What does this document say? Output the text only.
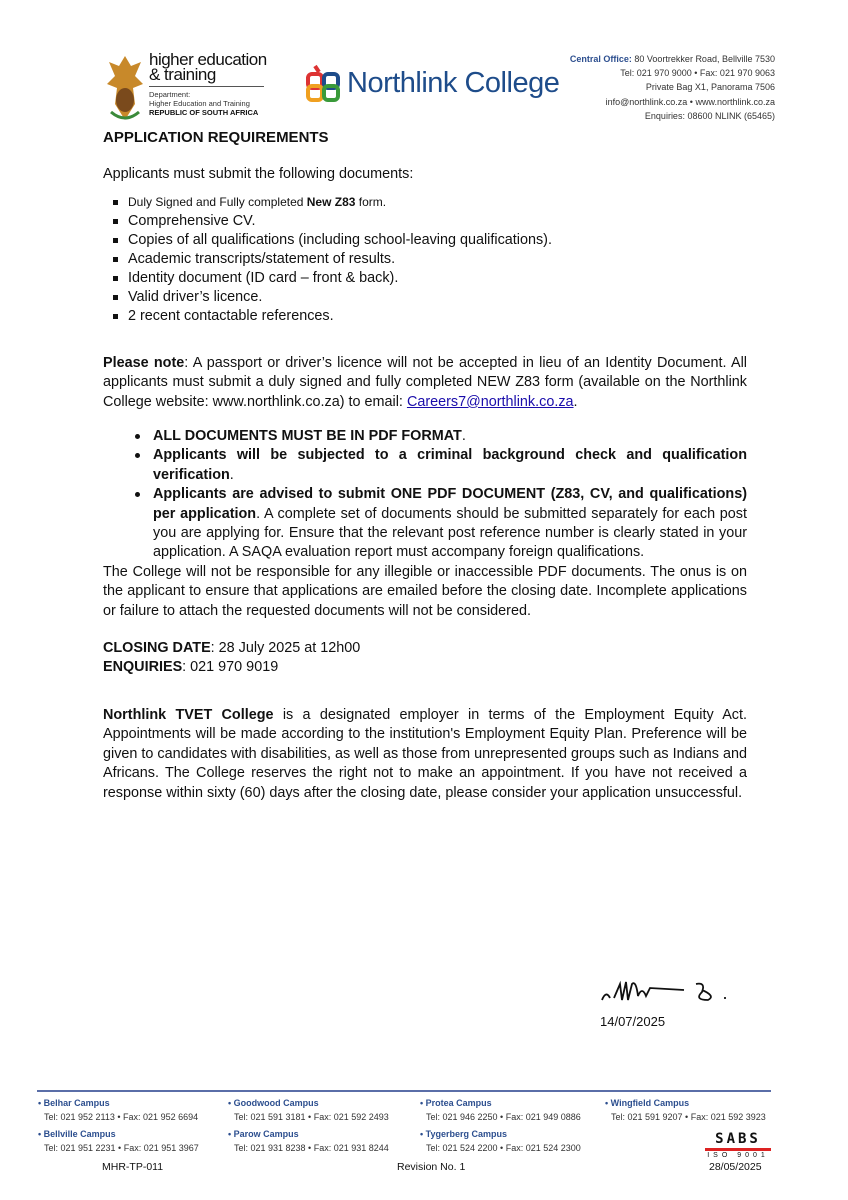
higher education
& training
Department:
Higher Education and Training
REPUBLIC OF SOUTH AFRICA
Northlink College
Central Office: 80 Voortrekker Road, Bellville 7530
Tel: 021 970 9000 • Fax: 021 970 9063
Private Bag X1, Panorama 7506
info@northlink.co.za • www.northlink.co.za
Enquiries: 08600 NLINK (65465)
APPLICATION REQUIREMENTS
Applicants must submit the following documents:
Duly Signed and Fully completed New Z83 form.
Comprehensive CV.
Copies of all qualifications (including school-leaving qualifications).
Academic transcripts/statement of results.
Identity document (ID card – front & back).
Valid driver’s licence.
2 recent contactable references.

Please note: A passport or driver’s licence will not be accepted in lieu of an Identity Document. All applicants must submit a duly signed and fully completed NEW Z83 form (available on the Northlink College website: www.northlink.co.za) to email: Careers7@northlink.co.za.

ALL DOCUMENTS MUST BE IN PDF FORMAT.
Applicants will be subjected to a criminal background check and qualification verification.
Applicants are advised to submit ONE PDF DOCUMENT (Z83, CV, and qualifications) per application. A complete set of documents should be submitted separately for each post you are applying for. Ensure that the relevant post reference number is clearly stated in your application. A SAQA evaluation report must accompany foreign qualifications.

The College will not be responsible for any illegible or inaccessible PDF documents. The onus is on the applicant to ensure that applications are emailed before the closing date. Incomplete applications or failure to attach the requested documents will not be considered.

CLOSING DATE: 28 July 2025 at 12h00
ENQUIRIES: 021 970 9019

Northlink TVET College is a designated employer in terms of the Employment Equity Act. Appointments will be made according to the institution's Employment Equity Plan. Preference will be given to candidates with disabilities, as well as those from unrepresented groups such as Indians and Africans. The College reserves the right not to make an appointment. If you have not received a response within sixty (60) days after the closing date, please consider your application unsuccessful.

14/07/2025
• Belhar Campus
Tel: 021 952 2113 • Fax: 021 952 6694
• Goodwood Campus
Tel: 021 591 3181 • Fax: 021 592 2493
• Protea Campus
Tel: 021 946 2250 • Fax: 021 949 0886
• Wingfield Campus
Tel: 021 591 9207 • Fax: 021 592 3923
• Bellville Campus
Tel: 021 951 2231 • Fax: 021 951 3967
• Parow Campus
Tel: 021 931 8238 • Fax: 021 931 8244
• Tygerberg Campus
Tel: 021 524 2200 • Fax: 021 524 2300
SABS
ISO 9001
MHR-TP-011	Revision No. 1	28/05/2025
